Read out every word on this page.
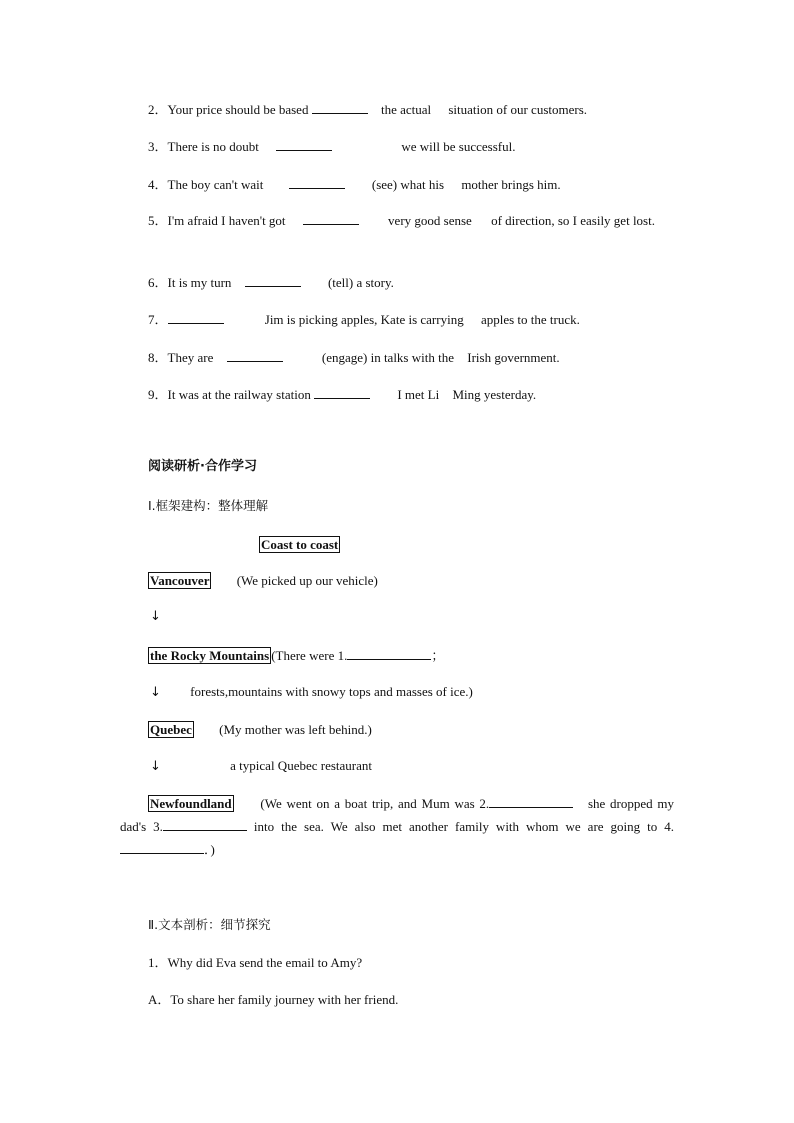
2．Your price should be based	the actual situation of our customers.
3．There is no doubt	we will be successful.
4．The boy can't wait	(see) what his mother brings him.
5．I'm afraid I haven't got	very good sense of direction, so I easily get lost.
6．It is my turn	(tell) a story.
7．	Jim is picking apples, Kate is carrying apples to the truck.
8．They are	(engage) in talks with the Irish government.
9．It was at the railway station	I met Li Ming yesterday.
阅读研析·合作学习
Ⅰ.框架建构：整体理解
Coast to coast
Vancouver (We picked up our vehicle)
↓
the Rocky Mountains (There were 1.	；
↓ forests,mountains with snowy tops and masses of ice.)
Quebec (My mother was left behind.)
↓	a typical Quebec restaurant
Newfoundland (We went on a boat trip, and Mum was 2.	she dropped my dad's 3.	into the sea. We also met another family with whom we are going to 4.．)
Ⅱ.文本剖析：细节探究
1．Why did Eva send the email to Amy?
A．To share her family journey with her friend.
